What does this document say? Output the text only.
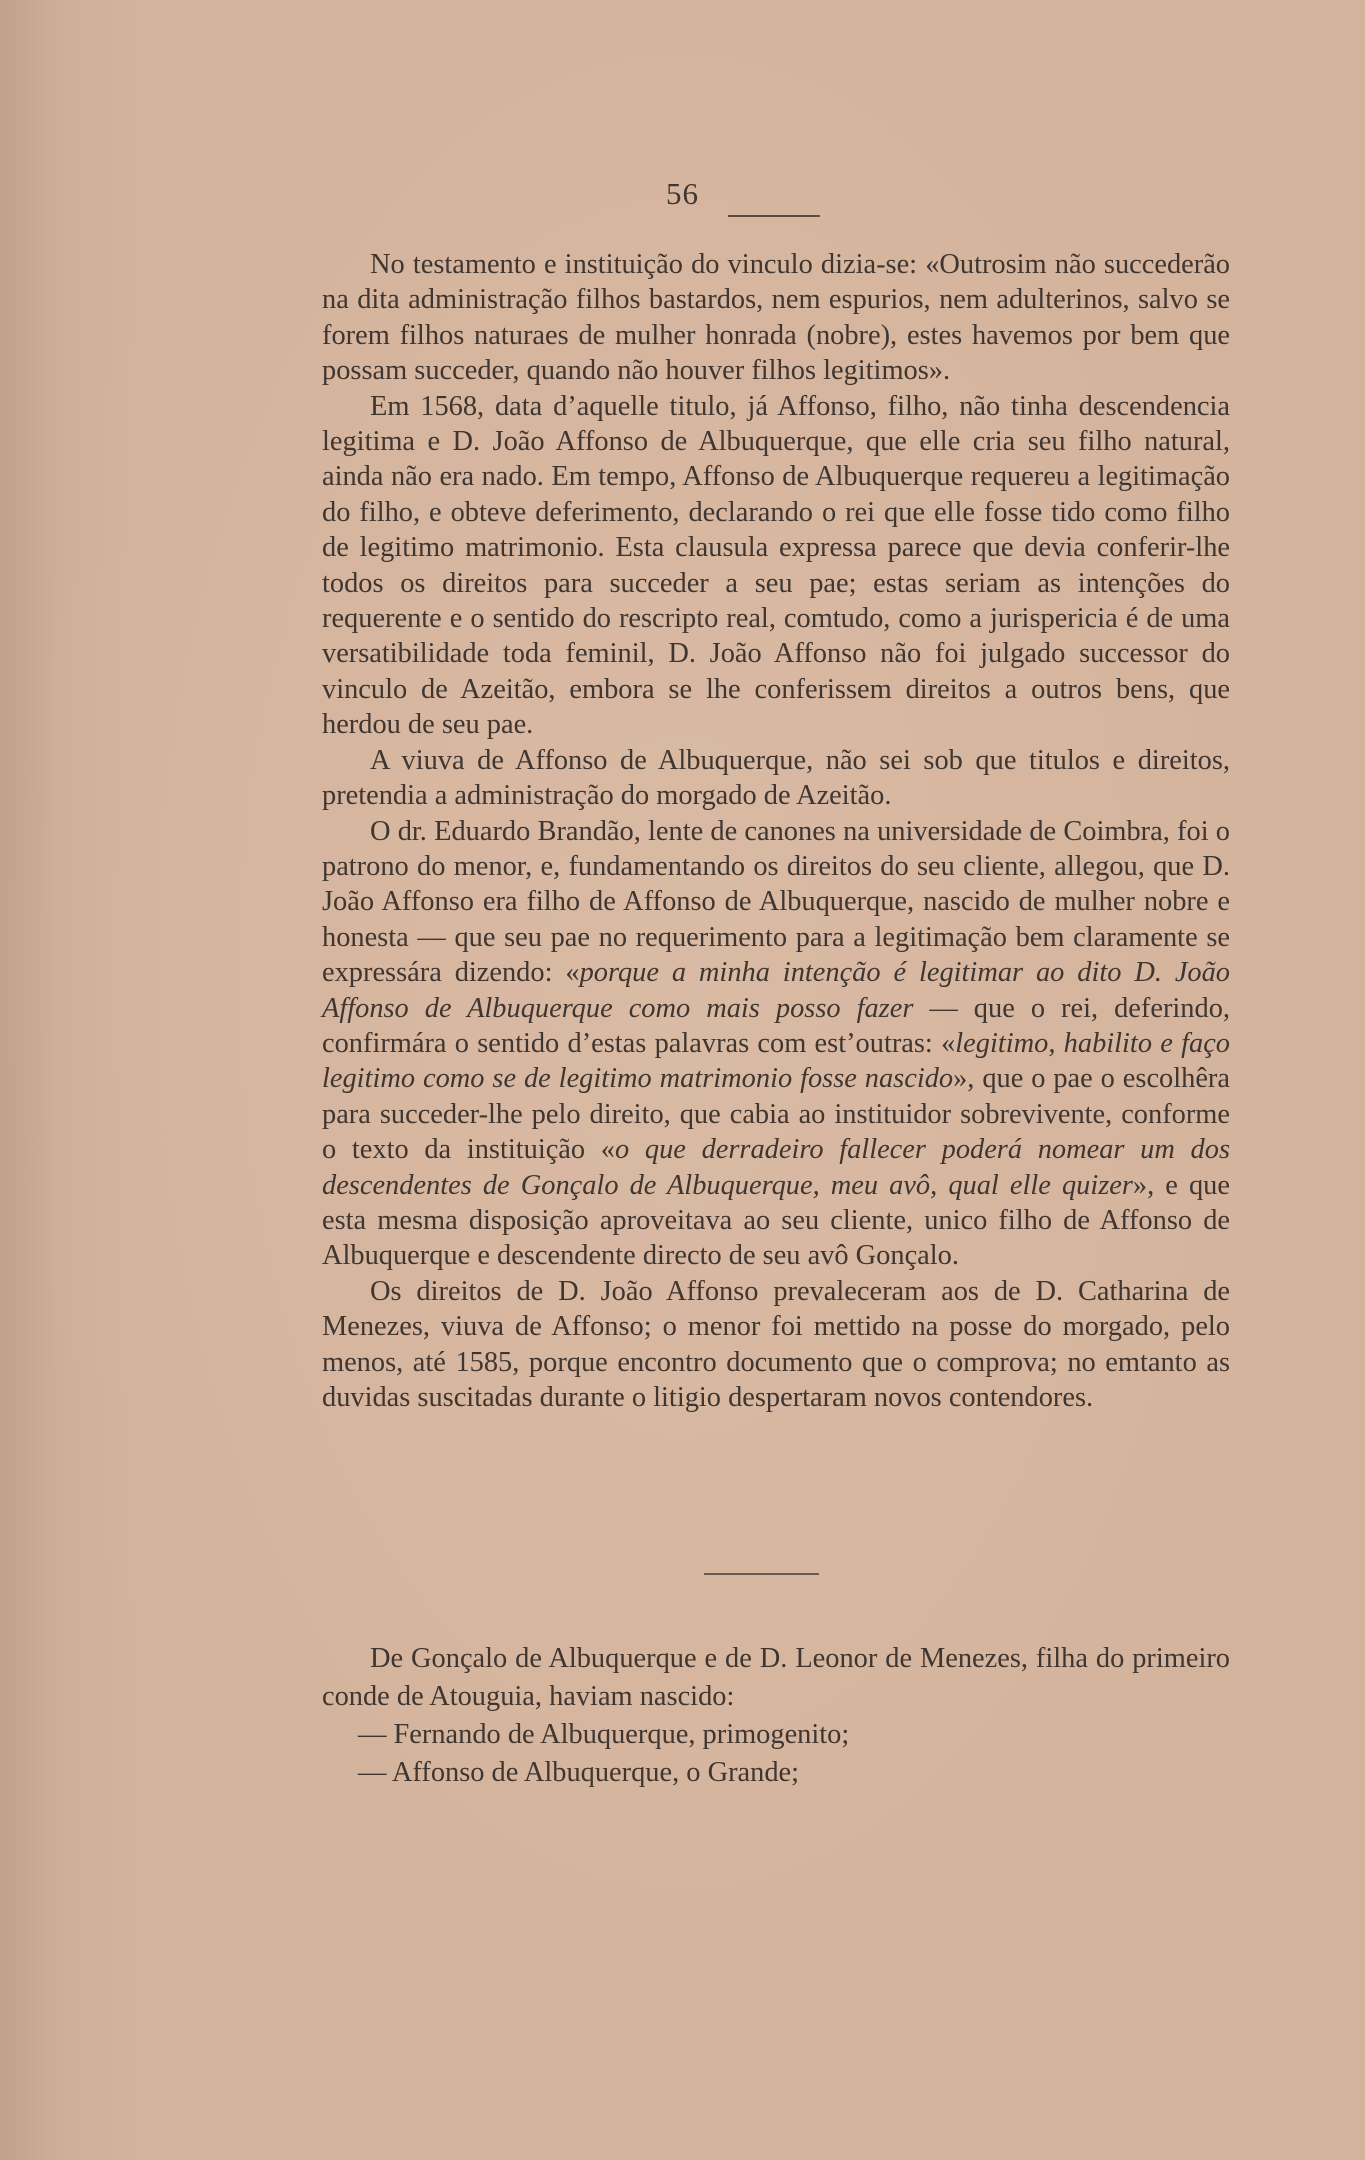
56

No testamento e instituição do vinculo dizia-se: «Outrosim não succederão na dita administração filhos bastardos, nem espurios, nem adulterinos, salvo se forem filhos naturaes de mulher honrada (nobre), estes havemos por bem que possam succeder, quando não houver filhos legitimos».

Em 1568, data d’aquelle titulo, já Affonso, filho, não tinha descendencia legitima e D. João Affonso de Albuquerque, que elle cria seu filho natural, ainda não era nado. Em tempo, Affonso de Albuquerque requereu a legitimação do filho, e obteve deferimento, declarando o rei que elle fosse tido como filho de legitimo matrimonio. Esta clausula expressa parece que devia conferir-lhe todos os direitos para succeder a seu pae; estas seriam as intenções do requerente e o sentido do rescripto real, comtudo, como a jurispericia é de uma versatibilidade toda feminil, D. João Affonso não foi julgado successor do vinculo de Azeitão, embora se lhe conferissem direitos a outros bens, que herdou de seu pae.

A viuva de Affonso de Albuquerque, não sei sob que titulos e direitos, pretendia a administração do morgado de Azeitão.

O dr. Eduardo Brandão, lente de canones na universidade de Coimbra, foi o patrono do menor, e, fundamentando os direitos do seu cliente, allegou, que D. João Affonso era filho de Affonso de Albuquerque, nascido de mulher nobre e honesta — que seu pae no requerimento para a legitimação bem claramente se expressára dizendo: «porque a minha intenção é legitimar ao dito D. João Affonso de Albuquerque como mais posso fazer — que o rei, deferindo, confirmára o sentido d’estas palavras com est’outras: «legitimo, habilito e faço legitimo como se de legitimo matrimonio fosse nascido», que o pae o escolhêra para succeder-lhe pelo direito, que cabia ao instituidor sobrevivente, conforme o texto da instituição «o que derradeiro fallecer poderá nomear um dos descendentes de Gonçalo de Albuquerque, meu avô, qual elle quizer», e que esta mesma disposição aproveitava ao seu cliente, unico filho de Affonso de Albuquerque e descendente directo de seu avô Gonçalo.

Os direitos de D. João Affonso prevaleceram aos de D. Catharina de Menezes, viuva de Affonso; o menor foi mettido na posse do morgado, pelo menos, até 1585, porque encontro documento que o comprova; no emtanto as duvidas suscitadas durante o litigio despertaram novos contendores.

De Gonçalo de Albuquerque e de D. Leonor de Menezes, filha do primeiro conde de Atouguia, haviam nascido:

— Fernando de Albuquerque, primogenito;

— Affonso de Albuquerque, o Grande;
